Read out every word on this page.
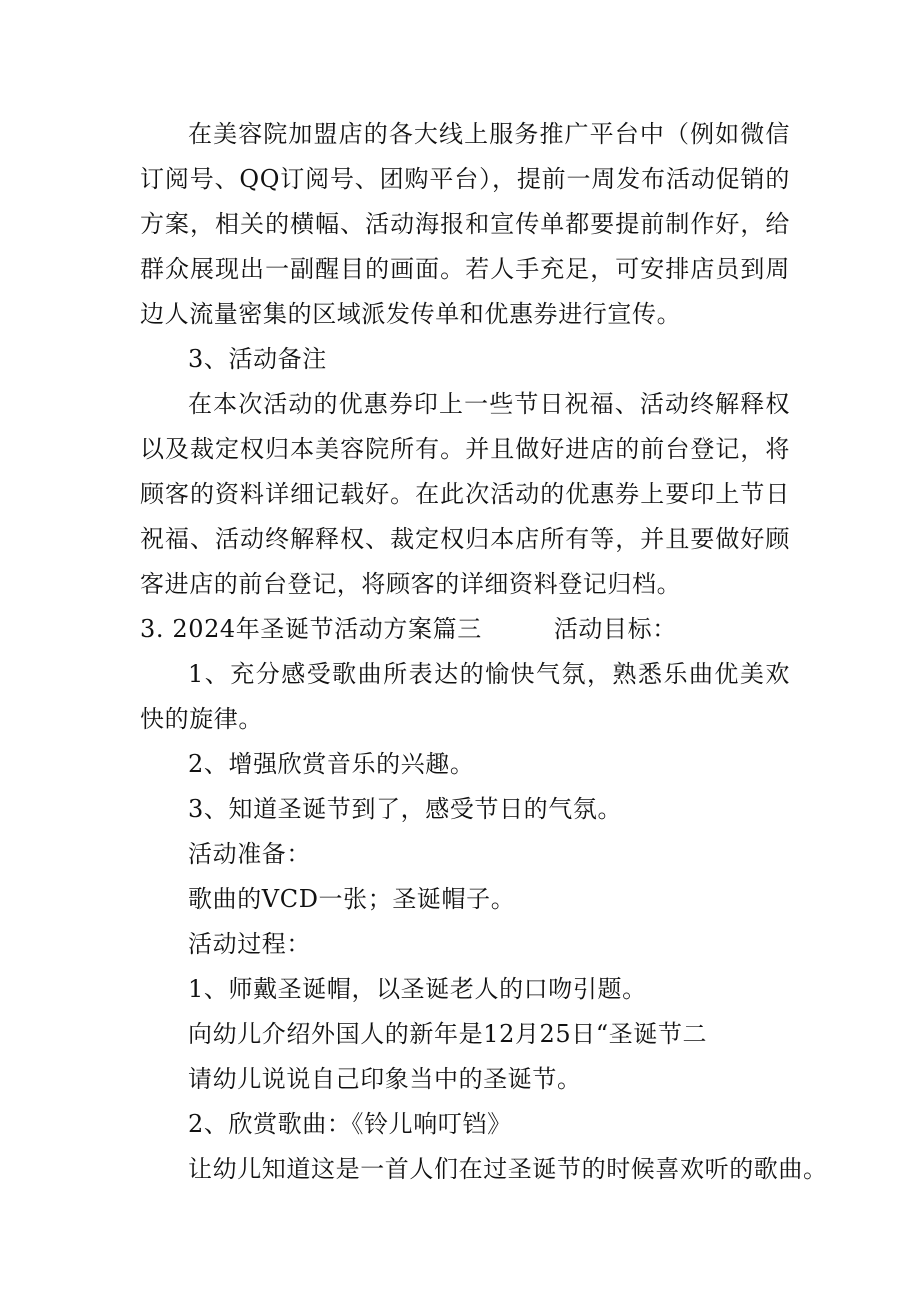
在美容院加盟店的各大线上服务推广平台中（例如微信订阅号、QQ订阅号、团购平台），提前一周发布活动促销的方案，相关的横幅、活动海报和宣传单都要提前制作好，给群众展现出一副醒目的画面。若人手充足，可安排店员到周边人流量密集的区域派发传单和优惠券进行宣传。

3、活动备注

在本次活动的优惠券印上一些节日祝福、活动终解释权以及裁定权归本美容院所有。并且做好进店的前台登记，将顾客的资料详细记载好。在此次活动的优惠券上要印上节日祝福、活动终解释权、裁定权归本店所有等，并且要做好顾客进店的前台登记，将顾客的详细资料登记归档。

3. 2024年圣诞节活动方案篇三	活动目标：

1、充分感受歌曲所表达的愉快气氛，熟悉乐曲优美欢快的旋律。

2、增强欣赏音乐的兴趣。

3、知道圣诞节到了，感受节日的气氛。

活动准备：

歌曲的VCD一张；圣诞帽子。

活动过程：

1、师戴圣诞帽，以圣诞老人的口吻引题。

向幼儿介绍外国人的新年是12月25日“圣诞节二

请幼儿说说自己印象当中的圣诞节。

2、欣赏歌曲：《铃儿响叮铛》

让幼儿知道这是一首人们在过圣诞节的时候喜欢听的歌曲。
